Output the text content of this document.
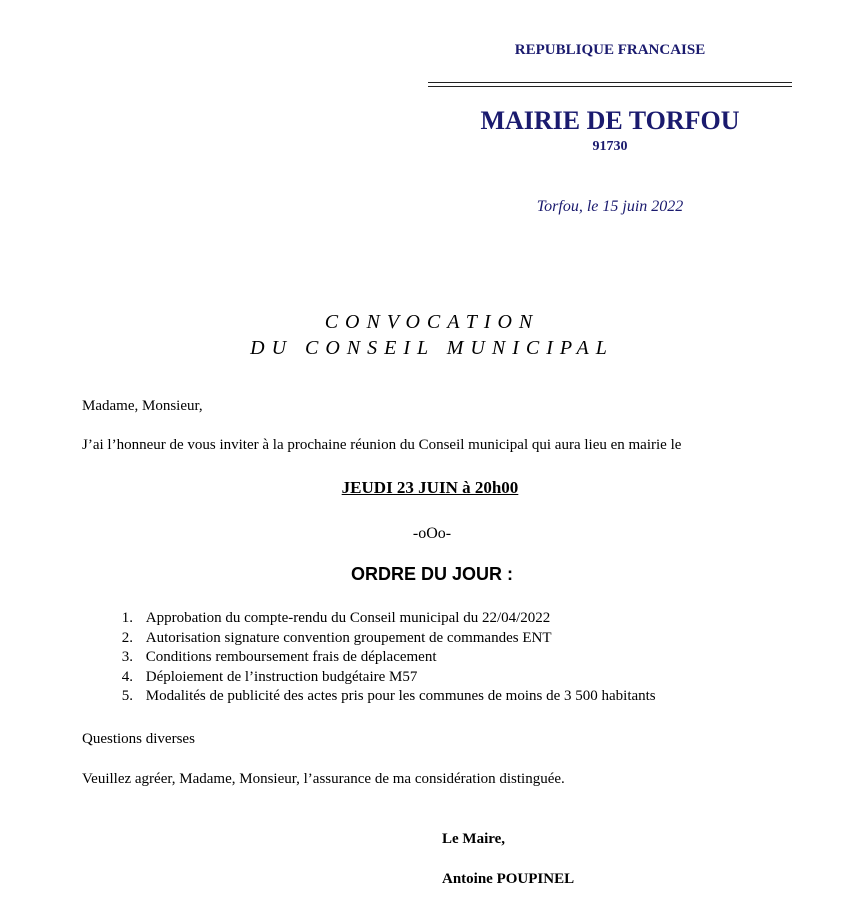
REPUBLIQUE FRANCAISE
MAIRIE DE TORFOU
91730
Torfou, le 15 juin 2022
CONVOCATION
DU CONSEIL MUNICIPAL
Madame, Monsieur,
J’ai l’honneur de vous inviter à la prochaine réunion du Conseil municipal qui aura lieu en mairie le
JEUDI 23 JUIN à 20h00
-oOo-
ORDRE DU JOUR :
1. Approbation du compte-rendu du Conseil municipal du 22/04/2022
2. Autorisation signature convention groupement de commandes ENT
3. Conditions remboursement frais de déplacement
4. Déploiement de l’instruction budgétaire M57
5. Modalités de publicité des actes pris pour les communes de moins de 3 500 habitants
Questions diverses
Veuillez agréer, Madame, Monsieur, l’assurance de ma considération distinguée.
Le Maire,
Antoine POUPINEL
